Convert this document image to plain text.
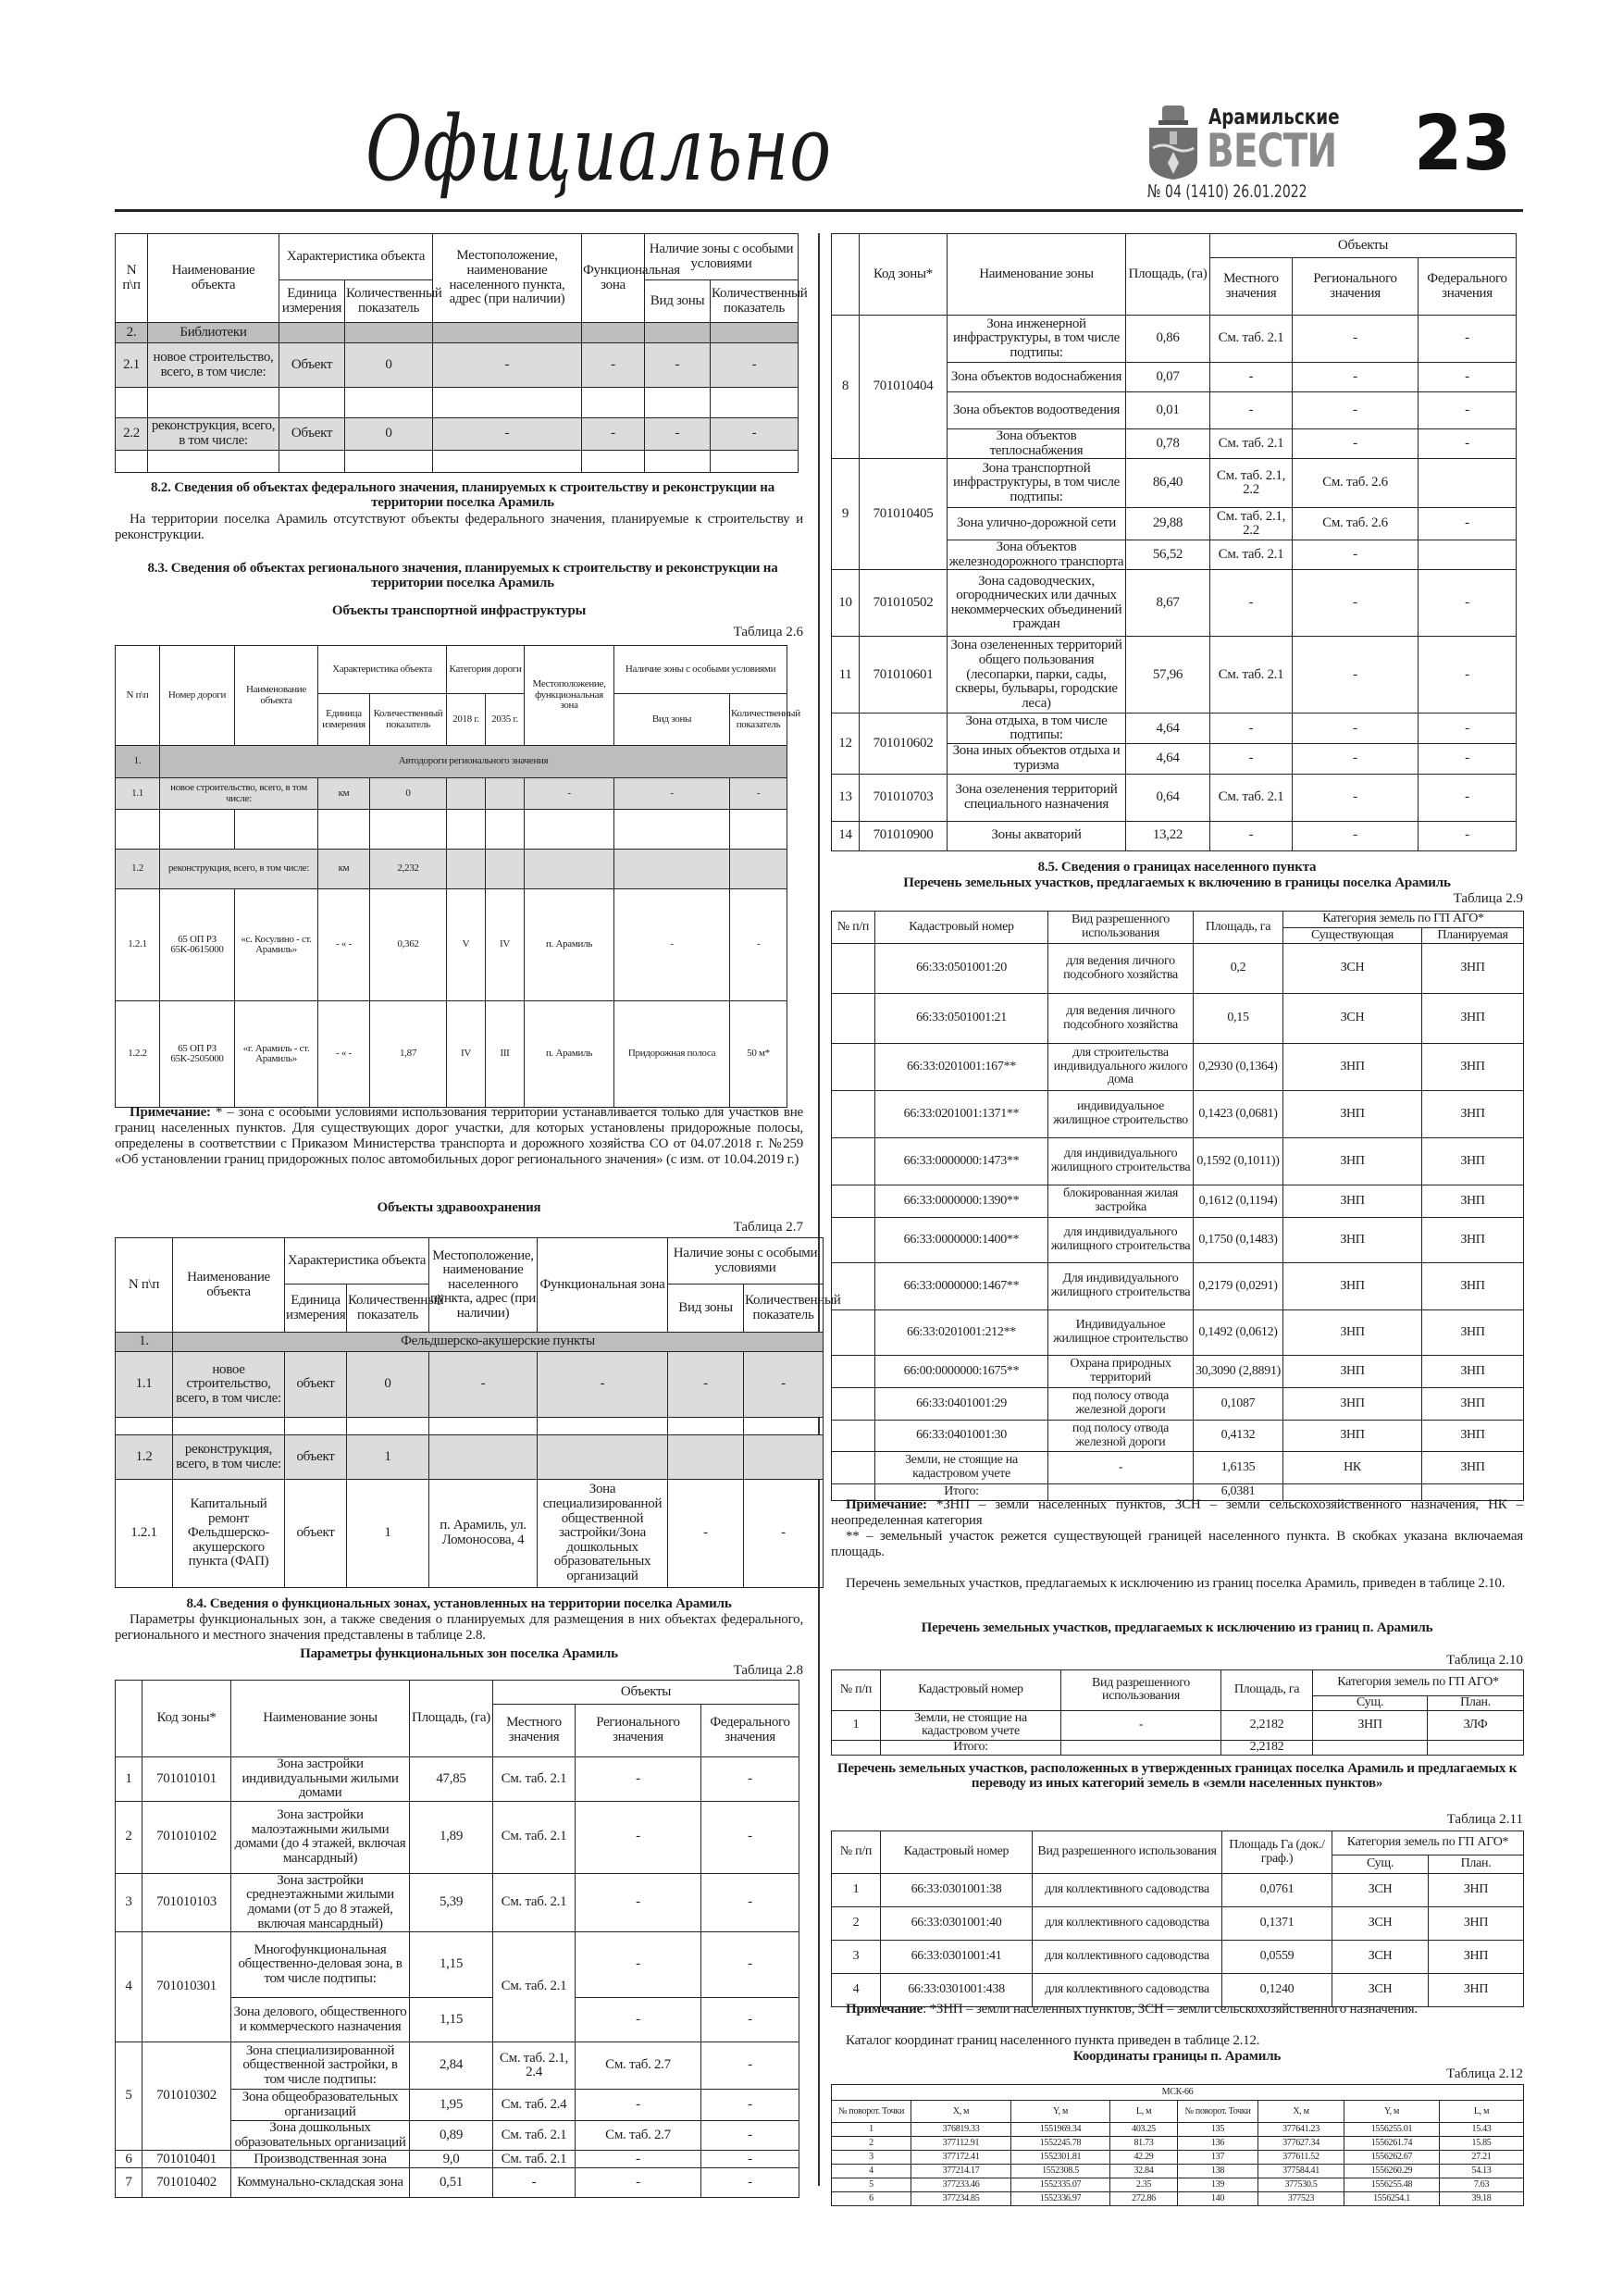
Официально	Арамильские
ВЕСТИ
№ 04 (1410) 26.01.2022
23
N п\п	Наименование объекта	Характеристика объекта		Местоположение, наименование населенного пункта, адрес (при наличии)	Функциональная зона	Наличие зоны с особыми условиями	
		Единица измерения	Количественный показатель			Вид зоны	Количественный показатель
2.	Библиотеки						
2.1	новое строительство, всего, в том числе:	Объект	0	-	-	-	-

2.2	реконструкция, всего, в том числе:	Объект	0	-	-	-	-

8.2. Сведения об объектах федерального значения, планируемых к строительству и реконструкции на территории поселка Арамиль
На территории поселка Арамиль отсутствуют объекты федерального значения, планируемые к строительству и реконструкции.
8.3. Сведения об объектах регионального значения, планируемых к строительству и реконструкции на территории поселка Арамиль
Объекты транспортной инфраструктуры
Таблица 2.6
N п\п	Номер дороги	Наименование объекта	Характеристика объекта		Категория дороги		Местоположение, функциональная зона	Наличие зоны с особыми условиями	
			Единица измерения	Количественный показатель	2018 г.	2035 г.		Вид зоны	Количественный показатель
1.	Автодороги регионального значения								
1.1	новое строительство, всего, в том числе:		км	0			-	-	-

1.2	реконструкция, всего, в том числе:		км	2,232					
1.2.1	65 ОП РЗ 65К-0615000	«с. Косулино - ст. Арамиль»	- « -	0,362	V	IV	п. Арамиль	-	-
1.2.2	65 ОП РЗ 65К-2505000	«г. Арамиль - ст. Арамиль»	- « -	1,87	IV	III	п. Арамиль	Придорожная полоса	50 м*
Примечание: * – зона с особыми условиями использования территории устанавливается только для участков вне границ населенных пунктов. Для существующих дорог участки, для которых установлены придорожные полосы, определены в соответствии с Приказом Министерства транспорта и дорожного хозяйства СО от 04.07.2018 г. №259 «Об установлении границ придорожных полос автомобильных дорог регионального значения» (с изм. от 10.04.2019 г.)
Объекты здравоохранения
Таблица 2.7
N п\п	Наименование объекта	Характеристика объекта		Местоположение, наименование населенного пункта, адрес (при наличии)	Функциональная зона	Наличие зоны с особыми условиями	
		Единица измерения	Количественный показатель			Вид зоны	Количественный показатель
1.	Фельдшерско-акушерские пункты						
1.1	новое строительство, всего, в том числе:	объект	0	-	-	-	-

1.2	реконструкция, всего, в том числе:	объект	1				
1.2.1	Капитальный ремонт Фельдшерско-акушерского пункта (ФАП)	объект	1	п. Арамиль, ул. Ломоносова, 4	Зона специализированной общественной застройки/Зона дошкольных образовательных организаций	-	-
8.4. Сведения о функциональных зонах, установленных на территории поселка Арамиль
Параметры функциональных зон, а также сведения о планируемых для размещения в них объектах федерального, регионального и местного значения представлены в таблице 2.8.
Параметры функциональных зон поселка Арамиль
Таблица 2.8
	Код зоны*	Наименование зоны	Площадь, (га)	Объекты		
				Местного значения	Регионального значения	Федерального значения
1	701010101	Зона застройки индивидуальными жилыми домами	47,85	См. таб. 2.1	-	-
2	701010102	Зона застройки малоэтажными жилыми домами (до 4 этажей, включая мансардный)	1,89	См. таб. 2.1	-	-
3	701010103	Зона застройки среднеэтажными жилыми домами (от 5 до 8 этажей, включая мансардный)	5,39	См. таб. 2.1	-	-
4	701010301	Многофункциональная общественно-деловая зона, в том числе подтипы:	1,15	См. таб. 2.1	-	-
		Зона делового, общественного и коммерческого назначения	1,15		-	-
5	701010302	Зона специализированной общественной застройки, в том числе подтипы:	2,84	См. таб. 2.1, 2.4	См. таб. 2.7	-
		Зона общеобразовательных организаций	1,95	См. таб. 2.4	-	-
		Зона дошкольных образовательных организаций	0,89	См. таб. 2.1	См. таб. 2.7	-
6	701010401	Производственная зона	9,0	См. таб. 2.1	-	-
7	701010402	Коммунально-складская зона	0,51	-	-	-
	Код зоны*	Наименование зоны	Площадь, (га)	Объекты		
				Местного значения	Регионального значения	Федерального значения
8	701010404	Зона инженерной инфраструктуры, в том числе подтипы:	0,86	См. таб. 2.1	-	-
		Зона объектов водоснабжения	0,07	-	-	-
		Зона объектов водоотведения	0,01	-	-	-
		Зона объектов теплоснабжения	0,78	См. таб. 2.1	-	-
9	701010405	Зона транспортной инфраструктуры, в том числе подтипы:	86,40	См. таб. 2.1, 2.2	См. таб. 2.6	
		Зона улично-дорожной сети	29,88	См. таб. 2.1, 2.2	См. таб. 2.6	-
		Зона объектов железнодорожного транспорта	56,52	См. таб. 2.1	-	
10	701010502	Зона садоводческих, огороднических или дачных некоммерческих объединений граждан	8,67	-	-	-
11	701010601	Зона озелененных территорий общего пользования (лесопарки, парки, сады, скверы, бульвары, городские леса)	57,96	См. таб. 2.1	-	-
12	701010602	Зона отдыха, в том числе подтипы:	4,64	-	-	-
		Зона иных объектов отдыха и туризма	4,64	-	-	-
13	701010703	Зона озеленения территорий специального назначения	0,64	См. таб. 2.1	-	-
14	701010900	Зоны акваторий	13,22	-	-	-
8.5. Сведения о границах населенного пункта
Перечень земельных участков, предлагаемых к включению в границы поселка Арамиль
Таблица 2.9
№ п/п	Кадастровый номер	Вид разрешенного использования	Площадь, га	Категория земель по ГП АГО*	
				Существующая	Планируемая
	66:33:0501001:20	для ведения личного подсобного хозяйства	0,2	ЗСН	ЗНП
	66:33:0501001:21	для ведения личного подсобного хозяйства	0,15	ЗСН	ЗНП
	66:33:0201001:167**	для строительства индивидуального жилого дома	0,2930 (0,1364)	ЗНП	ЗНП
	66:33:0201001:1371**	индивидуальное жилищное строительство	0,1423 (0,0681)	ЗНП	ЗНП
	66:33:0000000:1473**	для индивидуального жилищного строительства	0,1592 (0,1011))	ЗНП	ЗНП
	66:33:0000000:1390**	блокированная жилая застройка	0,1612 (0,1194)	ЗНП	ЗНП
	66:33:0000000:1400**	для индивидуального жилищного строительства	0,1750 (0,1483)	ЗНП	ЗНП
	66:33:0000000:1467**	Для индивидуального жилищного строительства	0,2179 (0,0291)	ЗНП	ЗНП
	66:33:0201001:212**	Индивидуальное жилищное строительство	0,1492 (0,0612)	ЗНП	ЗНП
	66:00:0000000:1675**	Охрана природных территорий	30,3090 (2,8891)	ЗНП	ЗНП
	66:33:0401001:29	под полосу отвода железной дороги	0,1087	ЗНП	ЗНП
	66:33:0401001:30	под полосу отвода железной дороги	0,4132	ЗНП	ЗНП
	Земли, не стоящие на кадастровом учете	-	1,6135	НК	ЗНП
	Итого:		6,0381		
Примечание: *ЗНП – земли населенных пунктов, ЗСН – земли сельскохозяйственного назначения, НК – неопределенная категория
** – земельный участок режется существующей границей населенного пункта. В скобках указана включаемая площадь.
Перечень земельных участков, предлагаемых к исключению из границ поселка Арамиль, приведен в таблице 2.10.
Перечень земельных участков, предлагаемых к исключению из границ п. Арамиль
Таблица 2.10
№ п/п	Кадастровый номер	Вид разрешенного использования	Площадь, га	Категория земель по ГП АГО*	
				Сущ.	План.
1	Земли, не стоящие на кадастровом учете	-	2,2182	ЗНП	ЗЛФ
	Итого:		2,2182		
Перечень земельных участков, расположенных в утвержденных границах поселка Арамиль и предлагаемых к переводу из иных категорий земель в «земли населенных пунктов»
Таблица 2.11
№ п/п	Кадастровый номер	Вид разрешенного использования	Площадь Га (док./граф.)	Категория земель по ГП АГО*	
				Сущ.	План.
1	66:33:0301001:38	для коллективного садоводства	0,0761	ЗСН	ЗНП
2	66:33:0301001:40	для коллективного садоводства	0,1371	ЗСН	ЗНП
3	66:33:0301001:41	для коллективного садоводства	0,0559	ЗСН	ЗНП
4	66:33:0301001:438	для коллективного садоводства	0,1240	ЗСН	ЗНП
Примечание: *ЗНП – земли населенных пунктов, ЗСН – земли сельскохозяйственного назначения.
Каталог координат границ населенного пункта приведен в таблице 2.12.
Координаты границы п. Арамиль
Таблица 2.12
МСК-66							
№ поворот. Точки	X, м	Y, м	L, м	№ поворот. Точки	X, м	Y, м	L, м
1	376819.33	1551969.34	403.25	135	377641.23	1556255.01	15.43
2	377112.91	1552245.78	81.73	136	377627.34	1556261.74	15.85
3	377172.41	1552301.81	42.29	137	377611.52	1556262.67	27.21
4	377214.17	1552308.5	32.84	138	377584.41	1556260.29	54.13
5	377233.46	1552335.07	2.35	139	377530.5	1556255.48	7.63
6	377234.85	1552336.97	272.86	140	377523	1556254.1	39.18
